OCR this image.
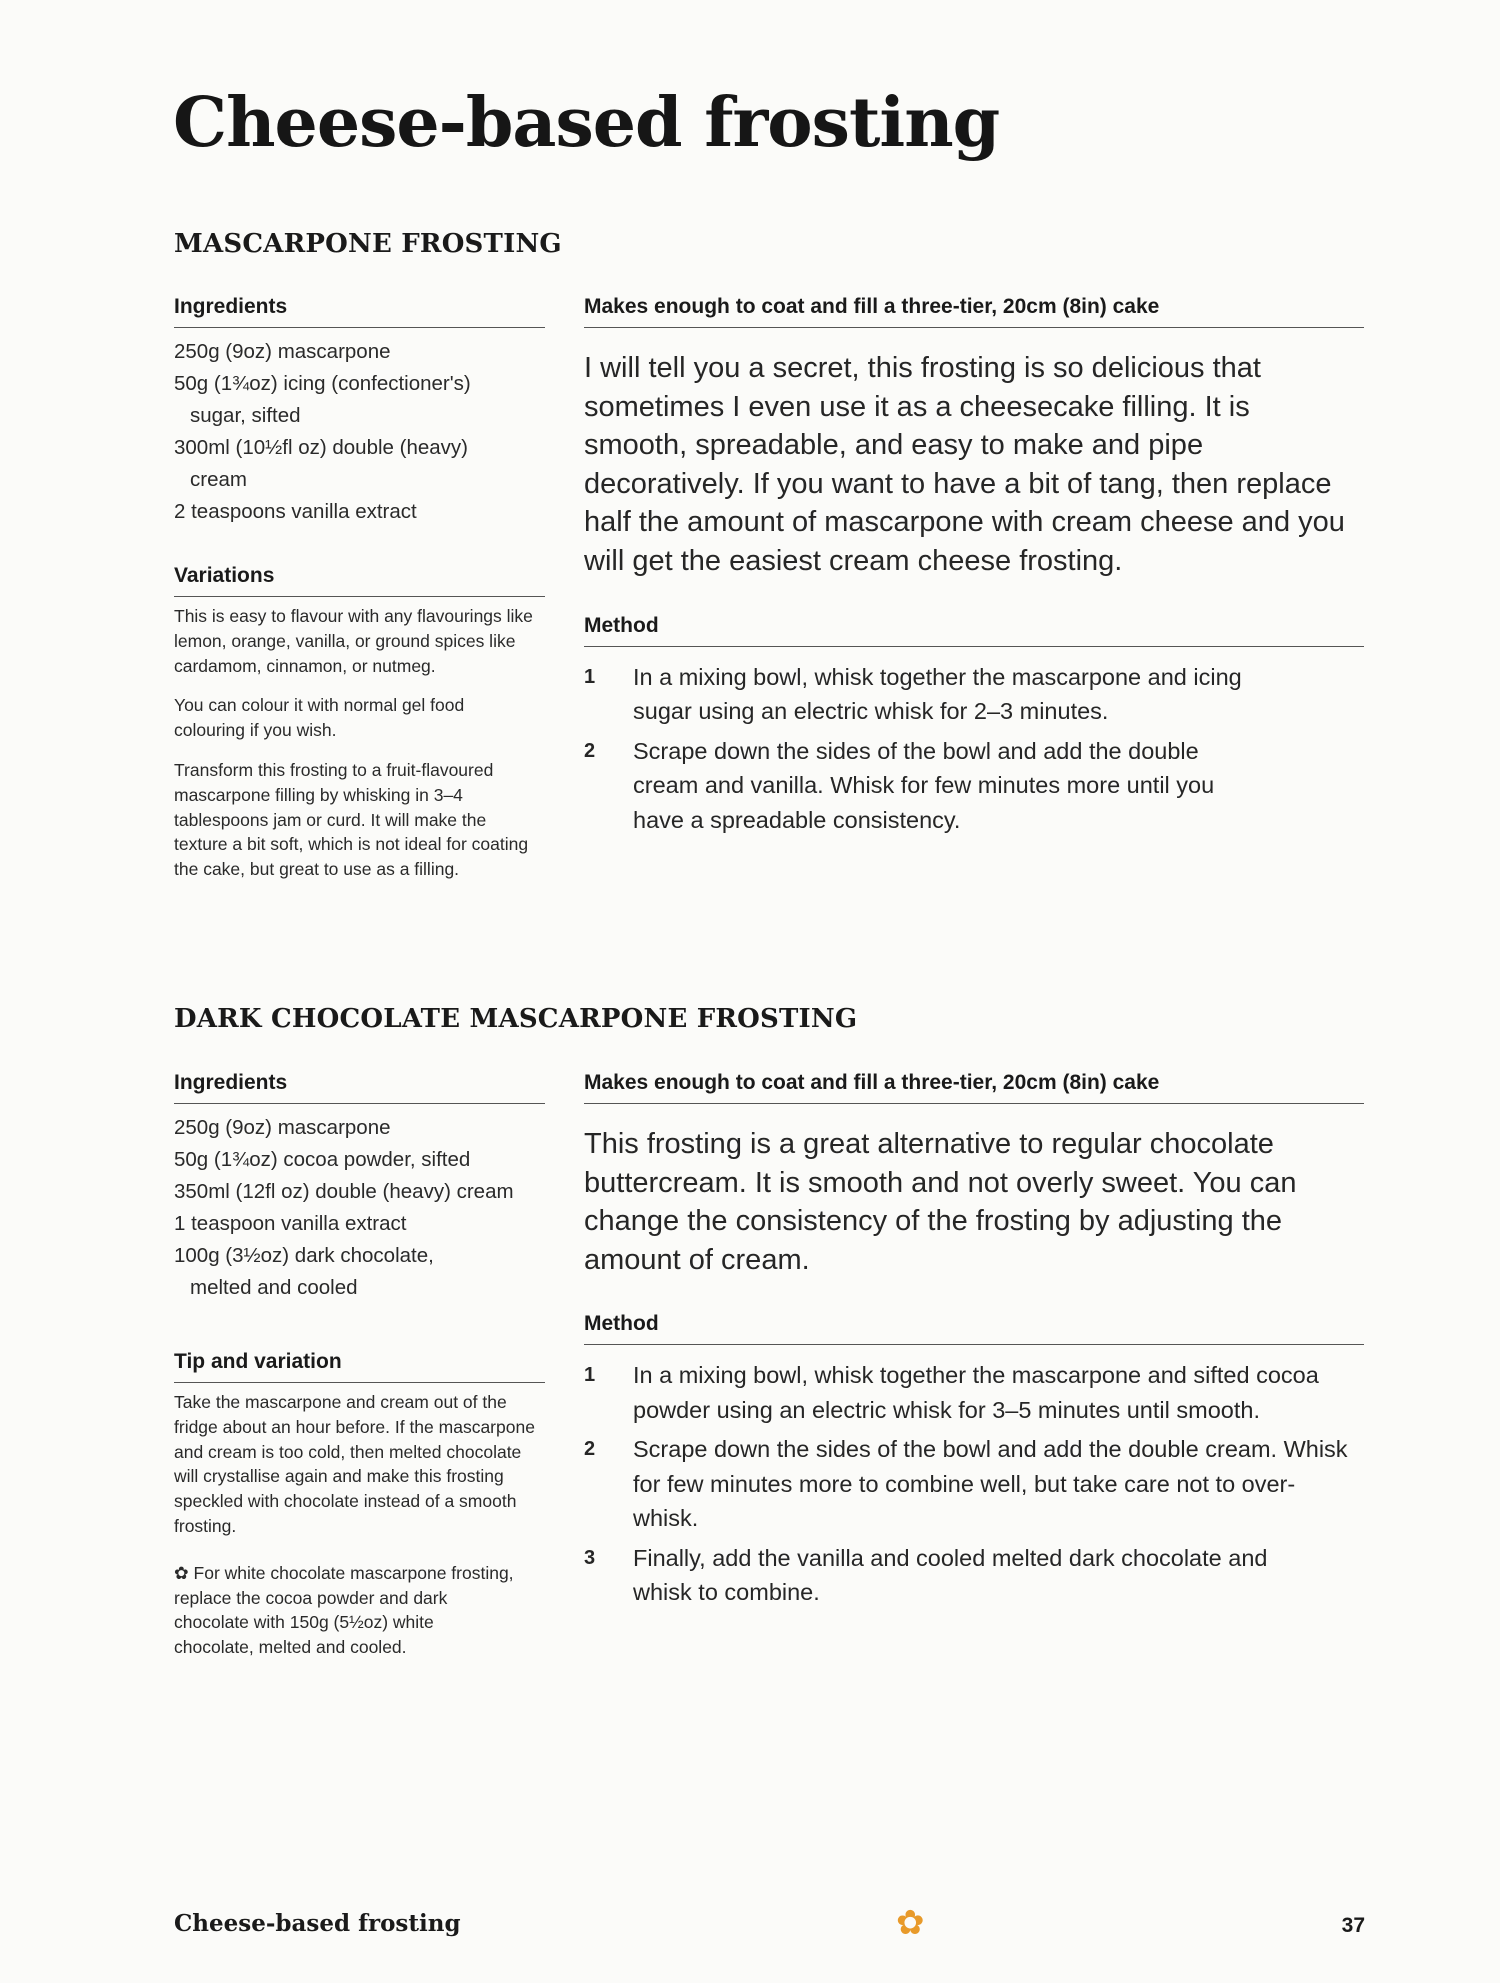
Cheese-based frosting
MASCARPONE FROSTING
Ingredients
250g (9oz) mascarpone
50g (1¾oz) icing (confectioner's) sugar, sifted
300ml (10½fl oz) double (heavy) cream
2 teaspoons vanilla extract
Variations

This is easy to flavour with any flavourings like lemon, orange, vanilla, or ground spices like cardamom, cinnamon, or nutmeg.

You can colour it with normal gel food colouring if you wish.

Transform this frosting to a fruit-flavoured mascarpone filling by whisking in 3–4 tablespoons jam or curd. It will make the texture a bit soft, which is not ideal for coating the cake, but great to use as a filling.

Makes enough to coat and fill a three-tier, 20cm (8in) cake

I will tell you a secret, this frosting is so delicious that sometimes I even use it as a cheesecake filling. It is smooth, spreadable, and easy to make and pipe decoratively. If you want to have a bit of tang, then replace half the amount of mascarpone with cream cheese and you will get the easiest cream cheese frosting.

Method
1	In a mixing bowl, whisk together the mascarpone and icing sugar using an electric whisk for 2–3 minutes.
2	Scrape down the sides of the bowl and add the double cream and vanilla. Whisk for few minutes more until you have a spreadable consistency.
DARK CHOCOLATE MASCARPONE FROSTING
Ingredients
250g (9oz) mascarpone
50g (1¾oz) cocoa powder, sifted
350ml (12fl oz) double (heavy) cream
1 teaspoon vanilla extract
100g (3½oz) dark chocolate, melted and cooled
Tip and variation

Take the mascarpone and cream out of the fridge about an hour before. If the mascarpone and cream is too cold, then melted chocolate will crystallise again and make this frosting speckled with chocolate instead of a smooth frosting.

✿ For white chocolate mascarpone frosting, replace the cocoa powder and dark chocolate with 150g (5½oz) white chocolate, melted and cooled.

Makes enough to coat and fill a three-tier, 20cm (8in) cake

This frosting is a great alternative to regular chocolate buttercream. It is smooth and not overly sweet. You can change the consistency of the frosting by adjusting the amount of cream.

Method
1	In a mixing bowl, whisk together the mascarpone and sifted cocoa powder using an electric whisk for 3–5 minutes until smooth.
2	Scrape down the sides of the bowl and add the double cream. Whisk for few minutes more to combine well, but take care not to over-whisk.
3	Finally, add the vanilla and cooled melted dark chocolate and whisk to combine.
Cheese-based frosting	✿	37
